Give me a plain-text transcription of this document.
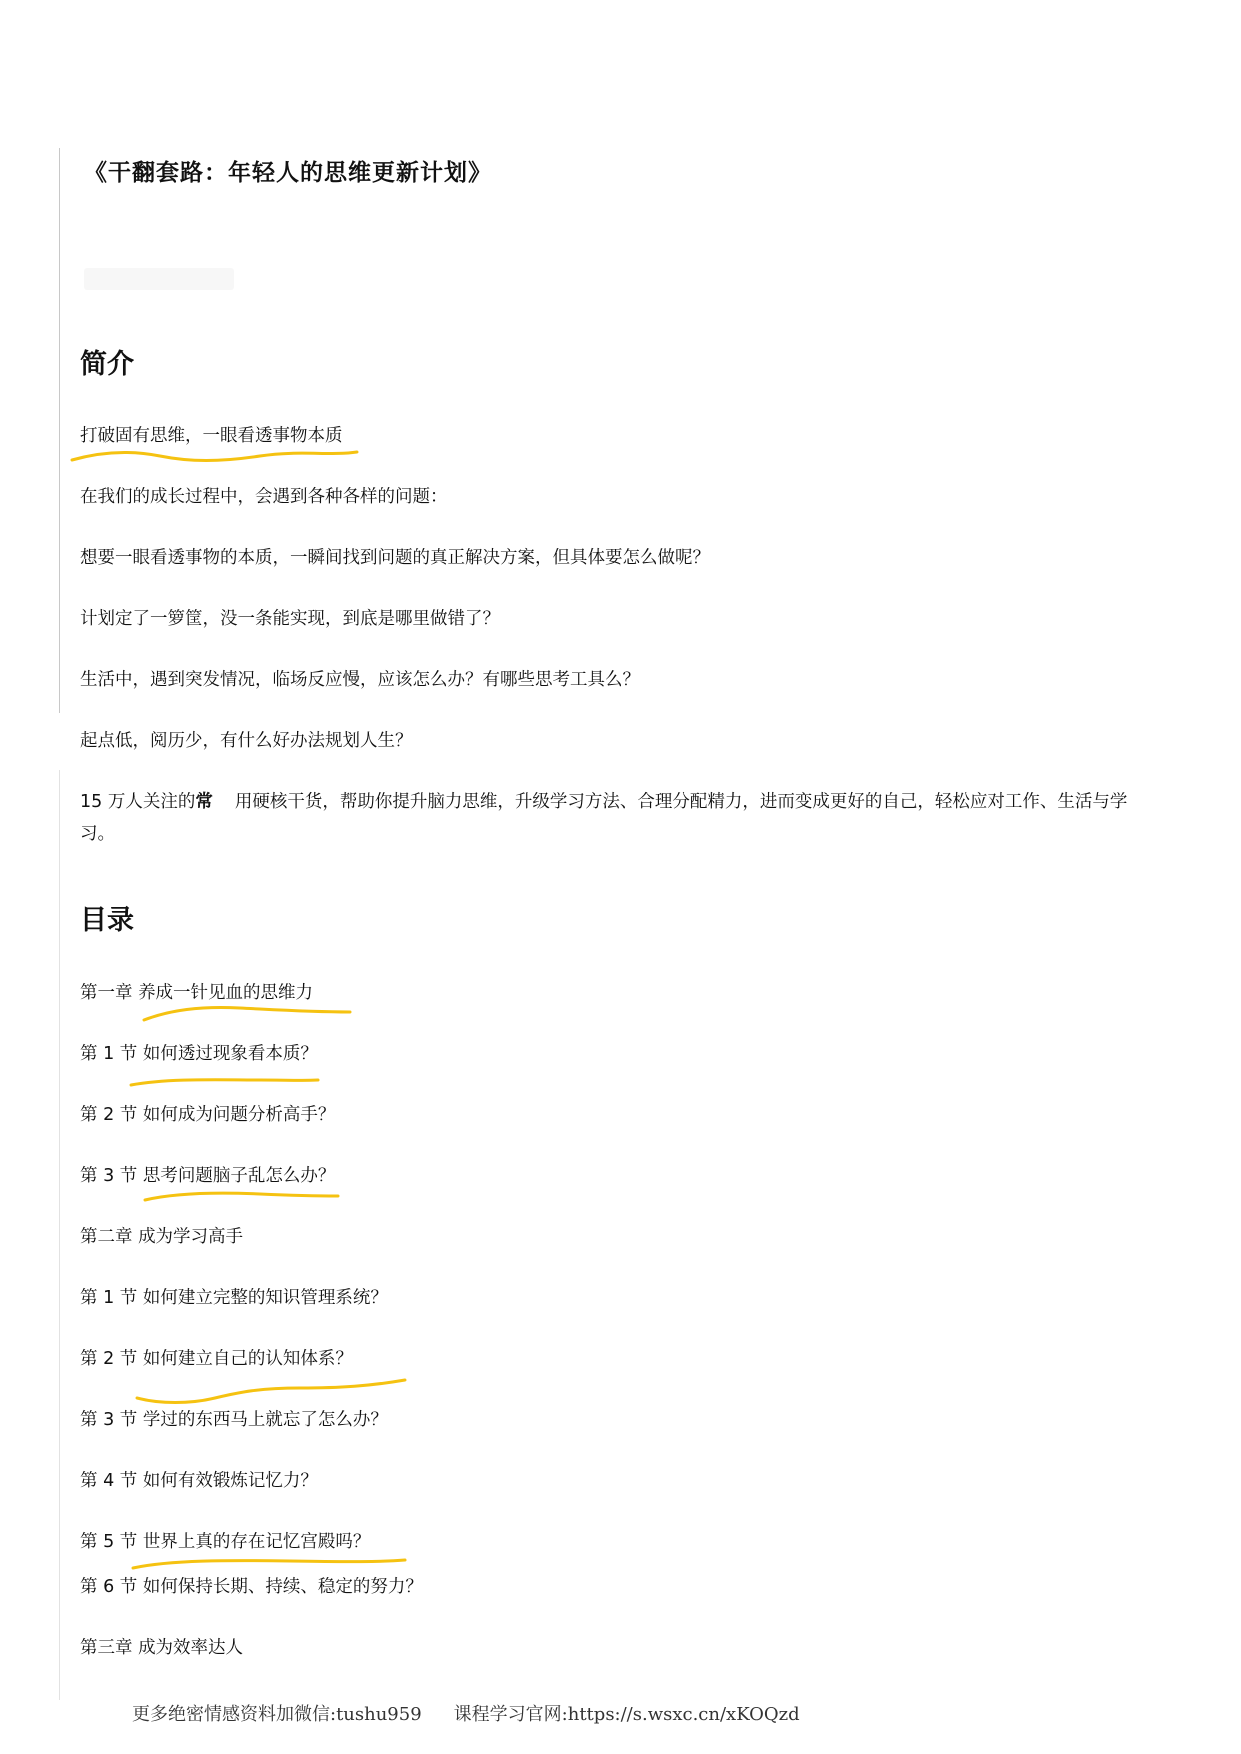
《干翻套路：年轻人的思维更新计划》
简介
打破固有思维，一眼看透事物本质
在我们的成长过程中，会遇到各种各样的问题：
想要一眼看透事物的本质，一瞬间找到问题的真正解决方案，但具体要怎么做呢？
计划定了一箩筐，没一条能实现，到底是哪里做错了？
生活中，遇到突发情况，临场反应慢，应该怎么办？有哪些思考工具么？
起点低，阅历少，有什么好办法规划人生？
15 万人关注的常 用硬核干货，帮助你提升脑力思维，升级学习方法、合理分配精力，进而变成更好的自己，轻松应对工作、生活与学习。
目录
第一章 养成一针见血的思维力
第 1 节 如何透过现象看本质？
第 2 节 如何成为问题分析高手？
第 3 节 思考问题脑子乱怎么办？
第二章 成为学习高手
第 1 节 如何建立完整的知识管理系统？
第 2 节 如何建立自己的认知体系？
第 3 节 学过的东西马上就忘了怎么办？
第 4 节 如何有效锻炼记忆力？
第 5 节 世界上真的存在记忆宫殿吗？
第 6 节 如何保持长期、持续、稳定的努力？
第三章 成为效率达人
更多绝密情感资料加微信:tushu959 课程学习官网:https://s.wsxc.cn/xKOQzd
